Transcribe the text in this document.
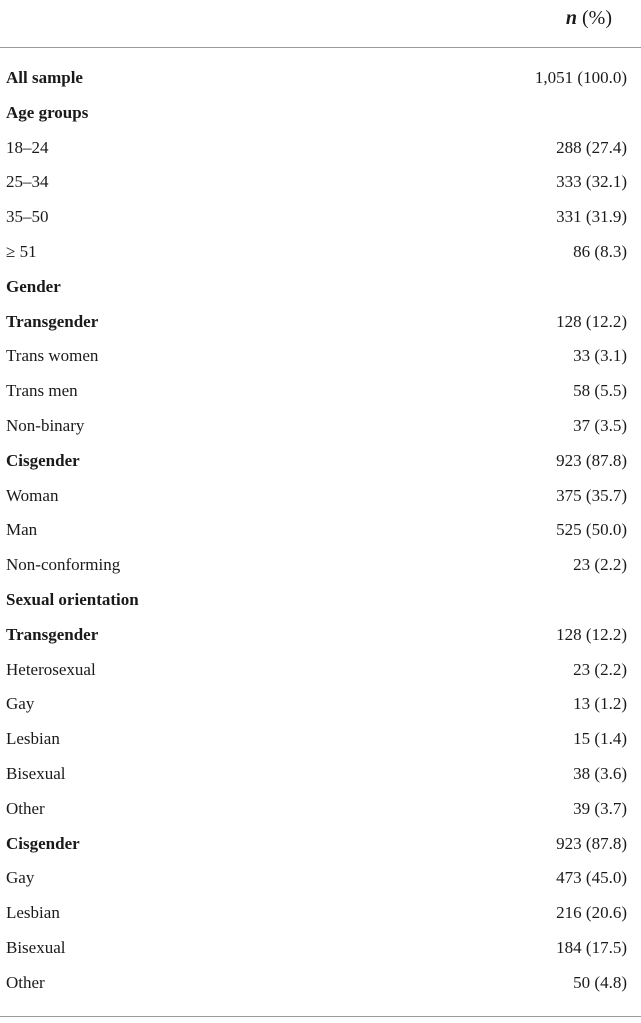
n (%)
All sample	1,051 (100.0)
Age groups
18–24	288 (27.4)
25–34	333 (32.1)
35–50	331 (31.9)
≥ 51	86 (8.3)
Gender
Transgender	128 (12.2)
Trans women	33 (3.1)
Trans men	58 (5.5)
Non-binary	37 (3.5)
Cisgender	923 (87.8)
Woman	375 (35.7)
Man	525 (50.0)
Non-conforming	23 (2.2)
Sexual orientation
Transgender	128 (12.2)
Heterosexual	23 (2.2)
Gay	13 (1.2)
Lesbian	15 (1.4)
Bisexual	38 (3.6)
Other	39 (3.7)
Cisgender	923 (87.8)
Gay	473 (45.0)
Lesbian	216 (20.6)
Bisexual	184 (17.5)
Other	50 (4.8)
